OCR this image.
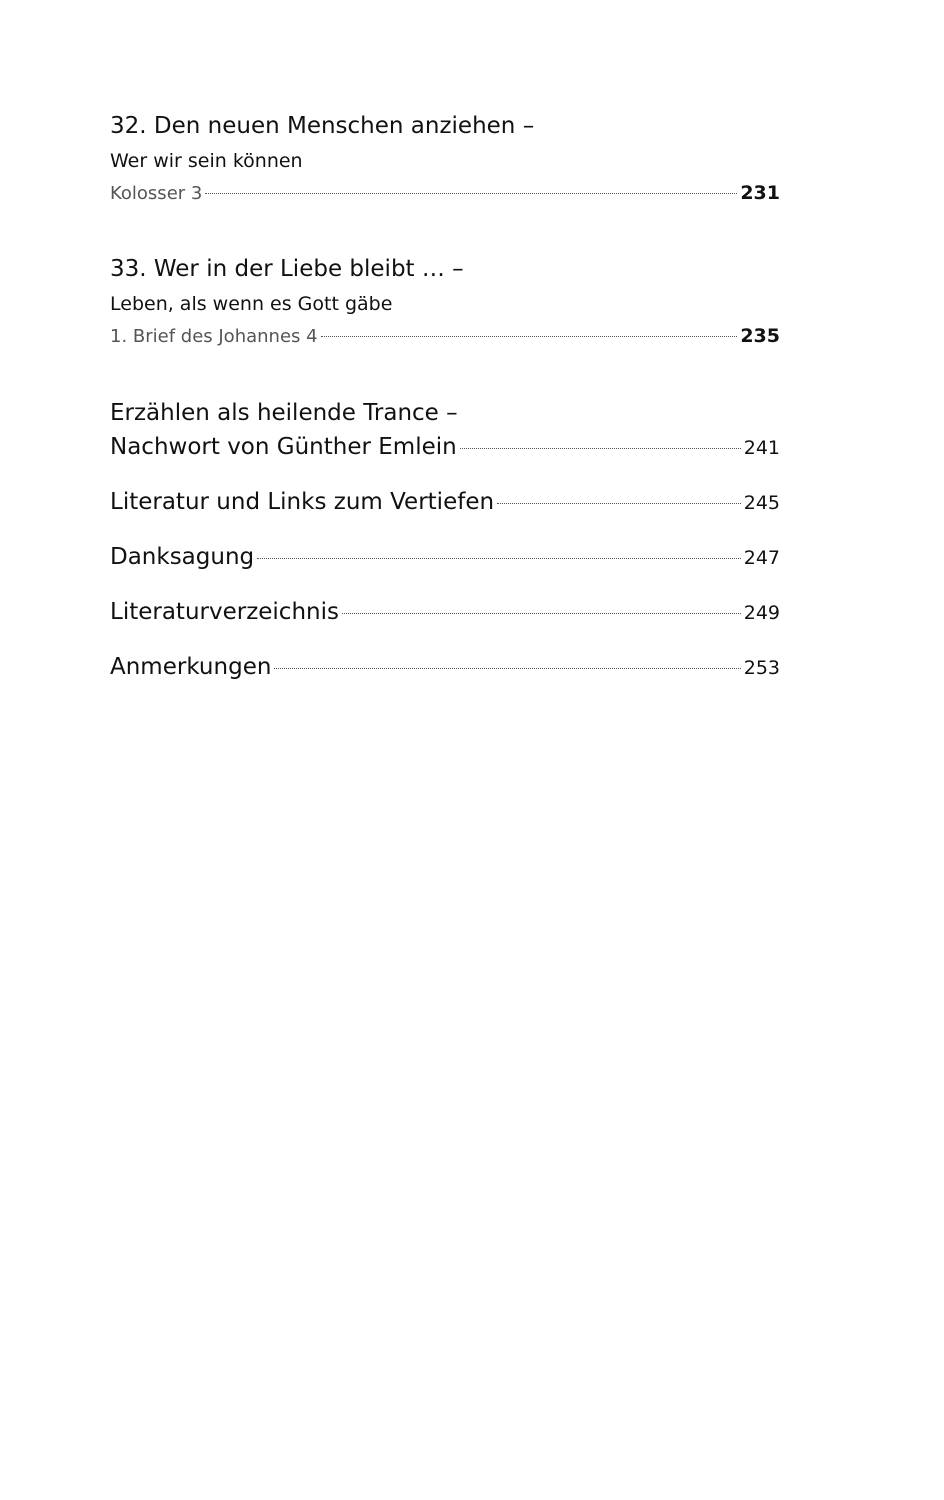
32. Den neuen Menschen anziehen –
Wer wir sein können
Kolosser 3	231
33. Wer in der Liebe bleibt … –
Leben, als wenn es Gott gäbe
1. Brief des Johannes 4	235
Erzählen als heilende Trance –
Nachwort von Günther Emlein	241
Literatur und Links zum Vertiefen	245
Danksagung	247
Literaturverzeichnis	249
Anmerkungen	253
